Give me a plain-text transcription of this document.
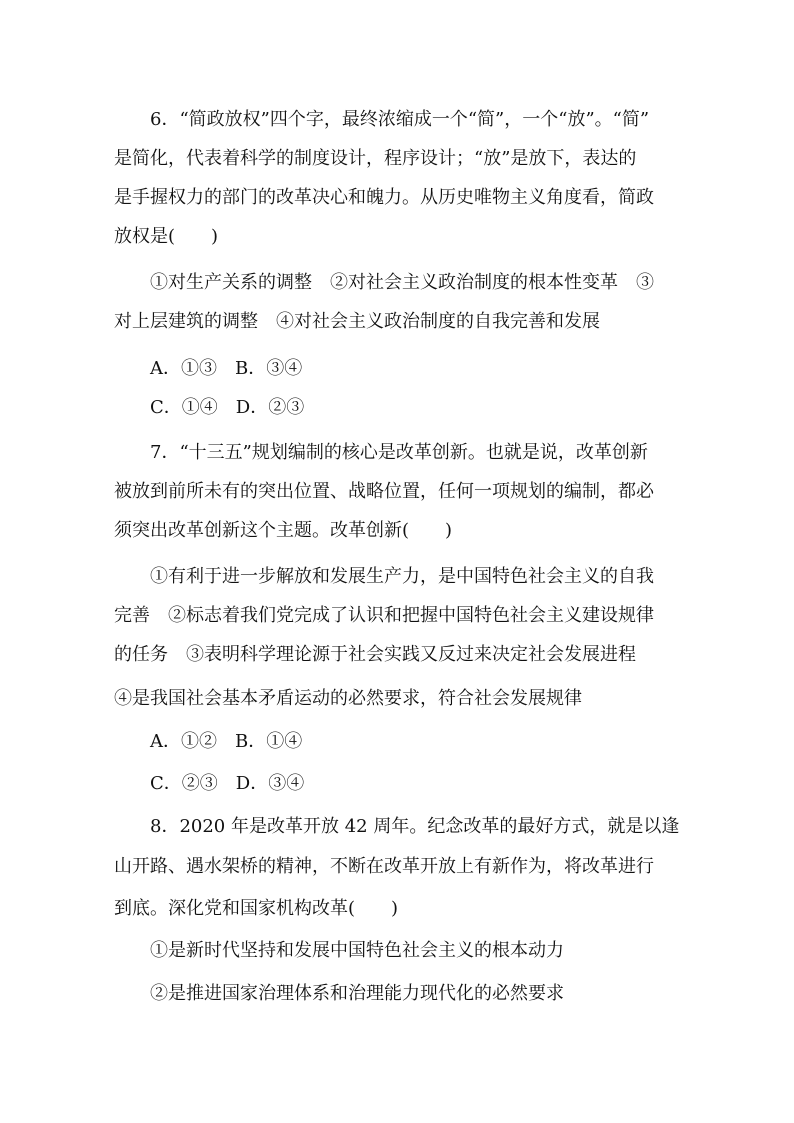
6．“简政放权”四个字，最终浓缩成一个“简”，一个“放”。“简”
是简化，代表着科学的制度设计，程序设计；“放”是放下，表达的
是手握权力的部门的改革决心和魄力。从历史唯物主义角度看，简政
放权是(　　)
①对生产关系的调整　②对社会主义政治制度的根本性变革　③
对上层建筑的调整　④对社会主义政治制度的自我完善和发展
A．①③　B．③④
C．①④　D．②③
7．“十三五”规划编制的核心是改革创新。也就是说，改革创新
被放到前所未有的突出位置、战略位置，任何一项规划的编制，都必
须突出改革创新这个主题。改革创新(　　)
①有利于进一步解放和发展生产力，是中国特色社会主义的自我
完善　②标志着我们党完成了认识和把握中国特色社会主义建设规律
的任务　③表明科学理论源于社会实践又反过来决定社会发展进程
④是我国社会基本矛盾运动的必然要求，符合社会发展规律
A．①②　B．①④
C．②③　D．③④
8．2020 年是改革开放 42 周年。纪念改革的最好方式，就是以逢
山开路、遇水架桥的精神，不断在改革开放上有新作为，将改革进行
到底。深化党和国家机构改革(　　)
①是新时代坚持和发展中国特色社会主义的根本动力
②是推进国家治理体系和治理能力现代化的必然要求
